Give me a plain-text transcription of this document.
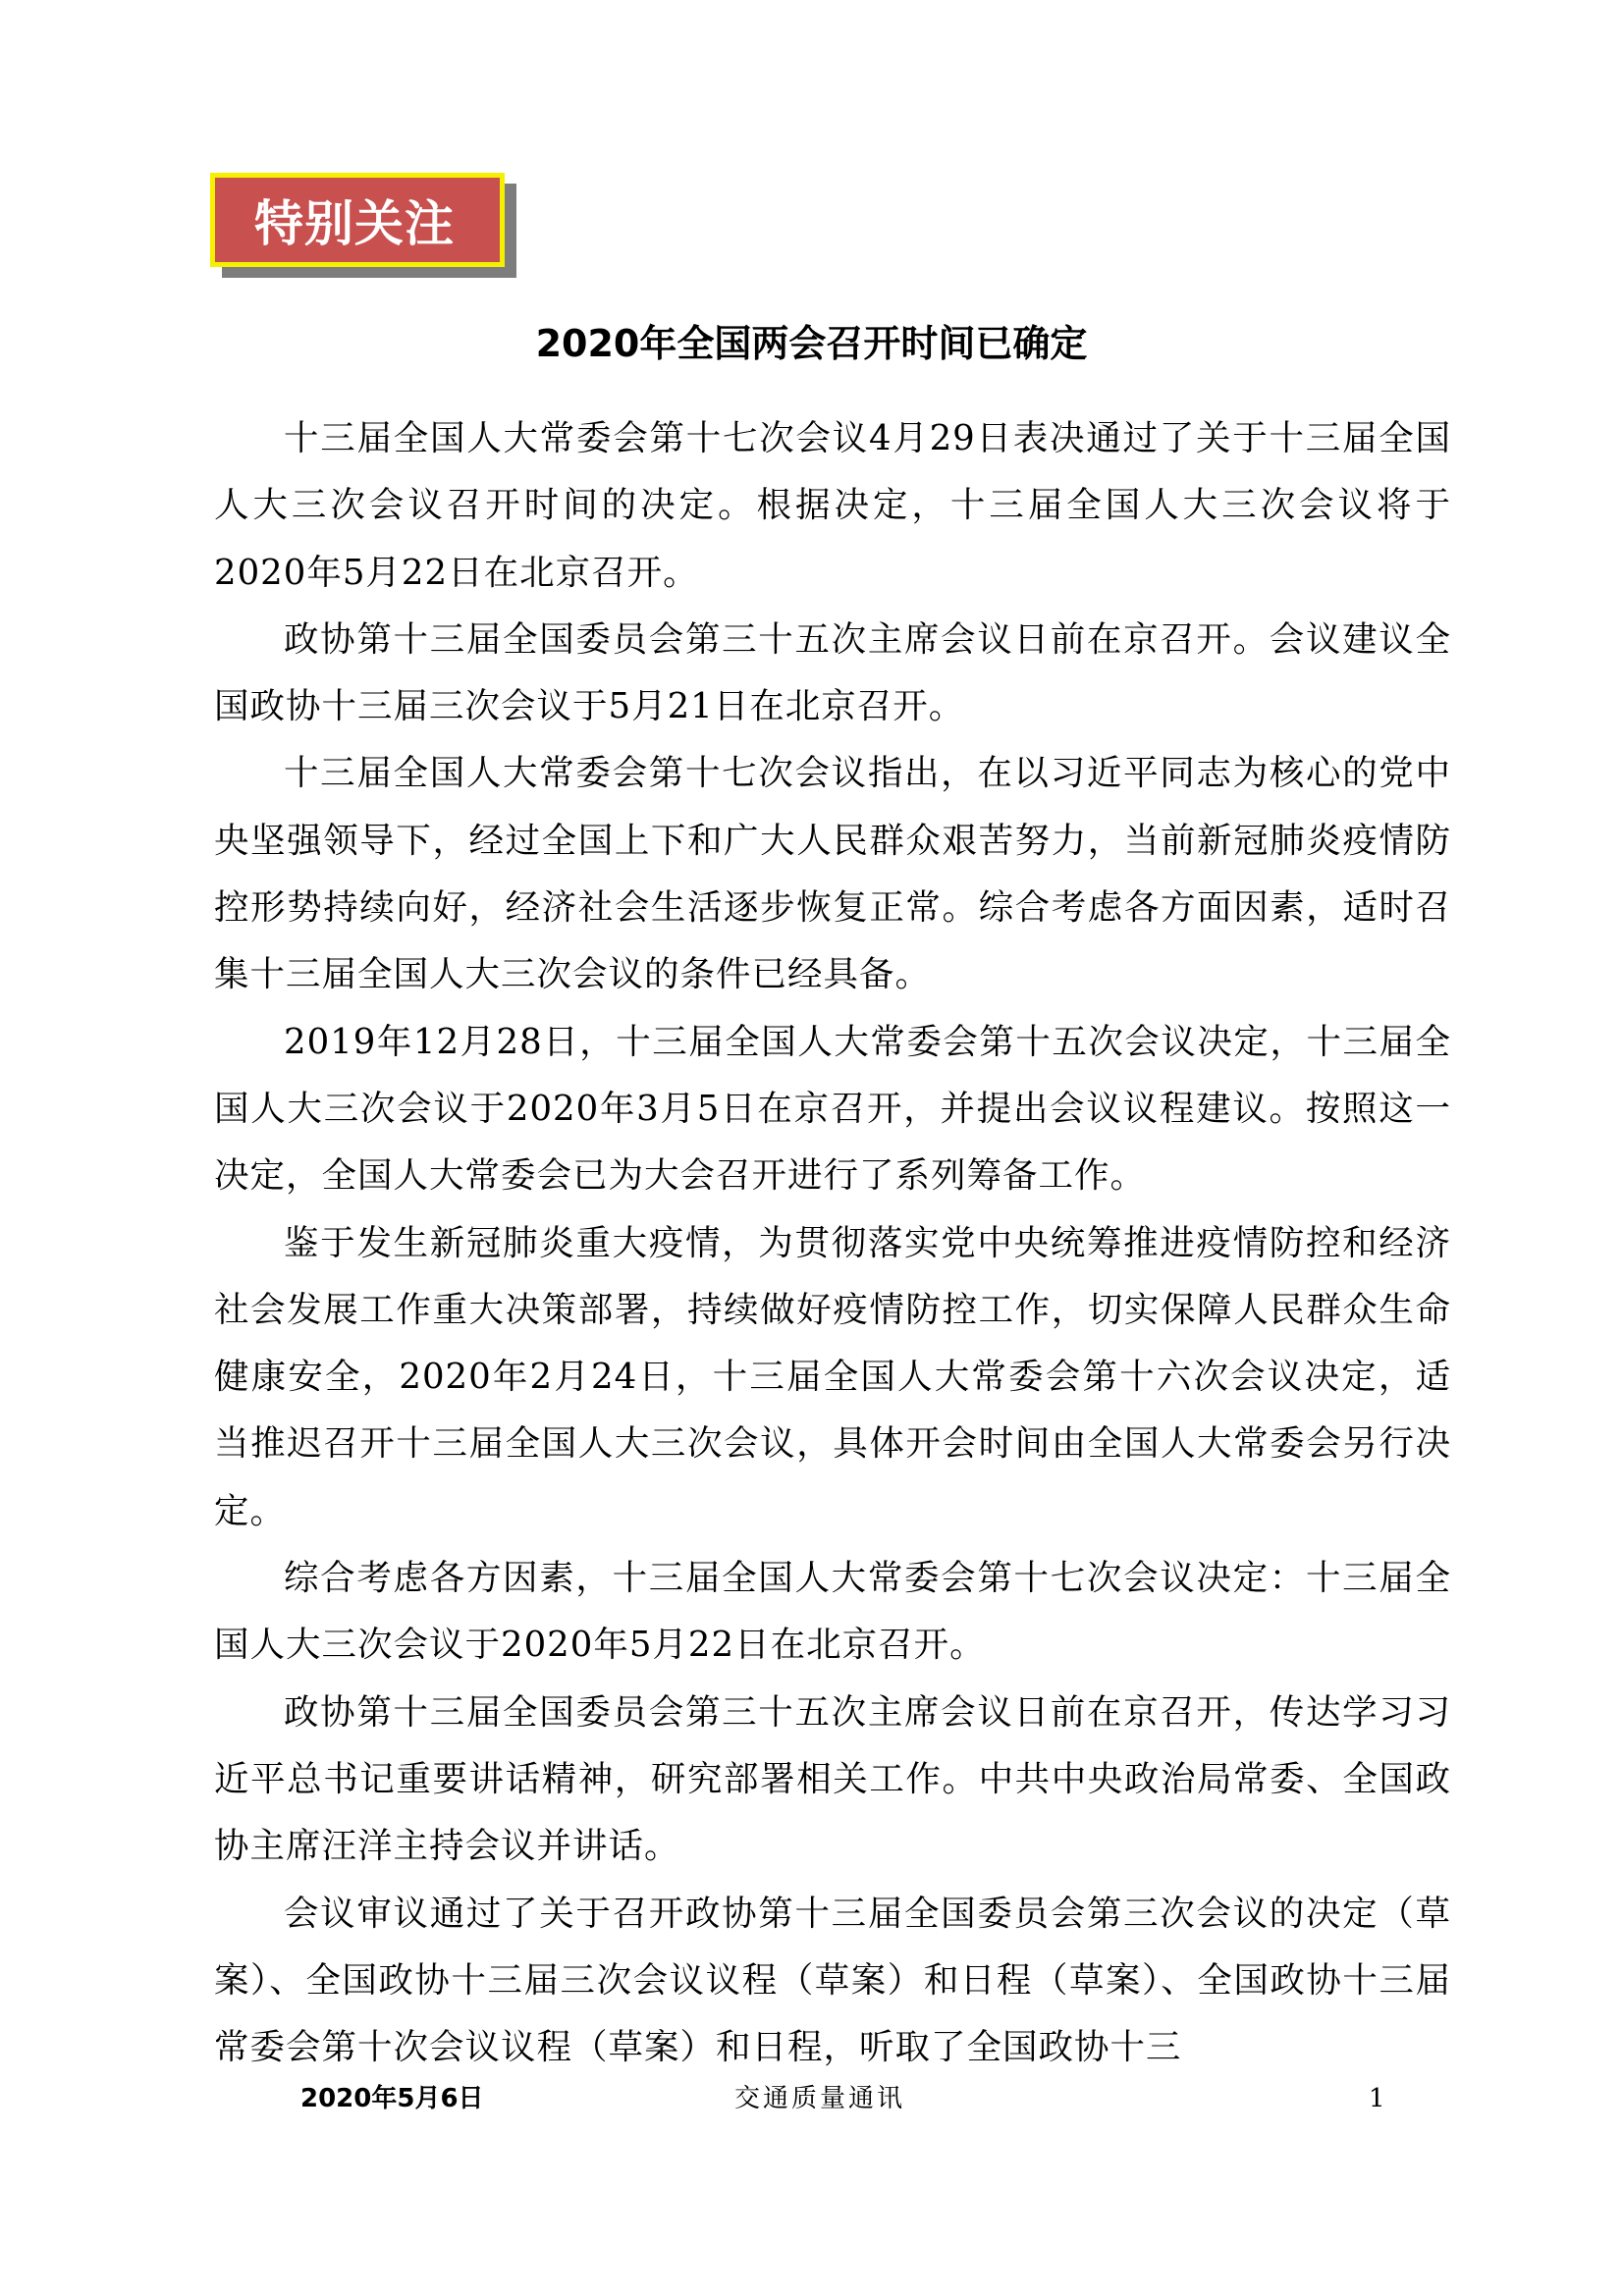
特别关注
2020年全国两会召开时间已确定

十三届全国人大常委会第十七次会议4月29日表决通过了关于十三届全国人大三次会议召开时间的决定。根据决定，十三届全国人大三次会议将于2020年5月22日在北京召开。

政协第十三届全国委员会第三十五次主席会议日前在京召开。会议建议全国政协十三届三次会议于5月21日在北京召开。

十三届全国人大常委会第十七次会议指出，在以习近平同志为核心的党中央坚强领导下，经过全国上下和广大人民群众艰苦努力，当前新冠肺炎疫情防控形势持续向好，经济社会生活逐步恢复正常。综合考虑各方面因素，适时召集十三届全国人大三次会议的条件已经具备。

2019年12月28日，十三届全国人大常委会第十五次会议决定，十三届全国人大三次会议于2020年3月5日在京召开，并提出会议议程建议。按照这一决定，全国人大常委会已为大会召开进行了系列筹备工作。

鉴于发生新冠肺炎重大疫情，为贯彻落实党中央统筹推进疫情防控和经济社会发展工作重大决策部署，持续做好疫情防控工作，切实保障人民群众生命健康安全，2020年2月24日，十三届全国人大常委会第十六次会议决定，适当推迟召开十三届全国人大三次会议，具体开会时间由全国人大常委会另行决定。

综合考虑各方因素，十三届全国人大常委会第十七次会议决定：十三届全国人大三次会议于2020年5月22日在北京召开。

政协第十三届全国委员会第三十五次主席会议日前在京召开，传达学习习近平总书记重要讲话精神，研究部署相关工作。中共中央政治局常委、全国政协主席汪洋主持会议并讲话。

会议审议通过了关于召开政协第十三届全国委员会第三次会议的决定（草案）、全国政协十三届三次会议议程（草案）和日程（草案）、全国政协十三届常委会第十次会议议程（草案）和日程，听取了全国政协十三

2020年5月6日	交通质量通讯	1
